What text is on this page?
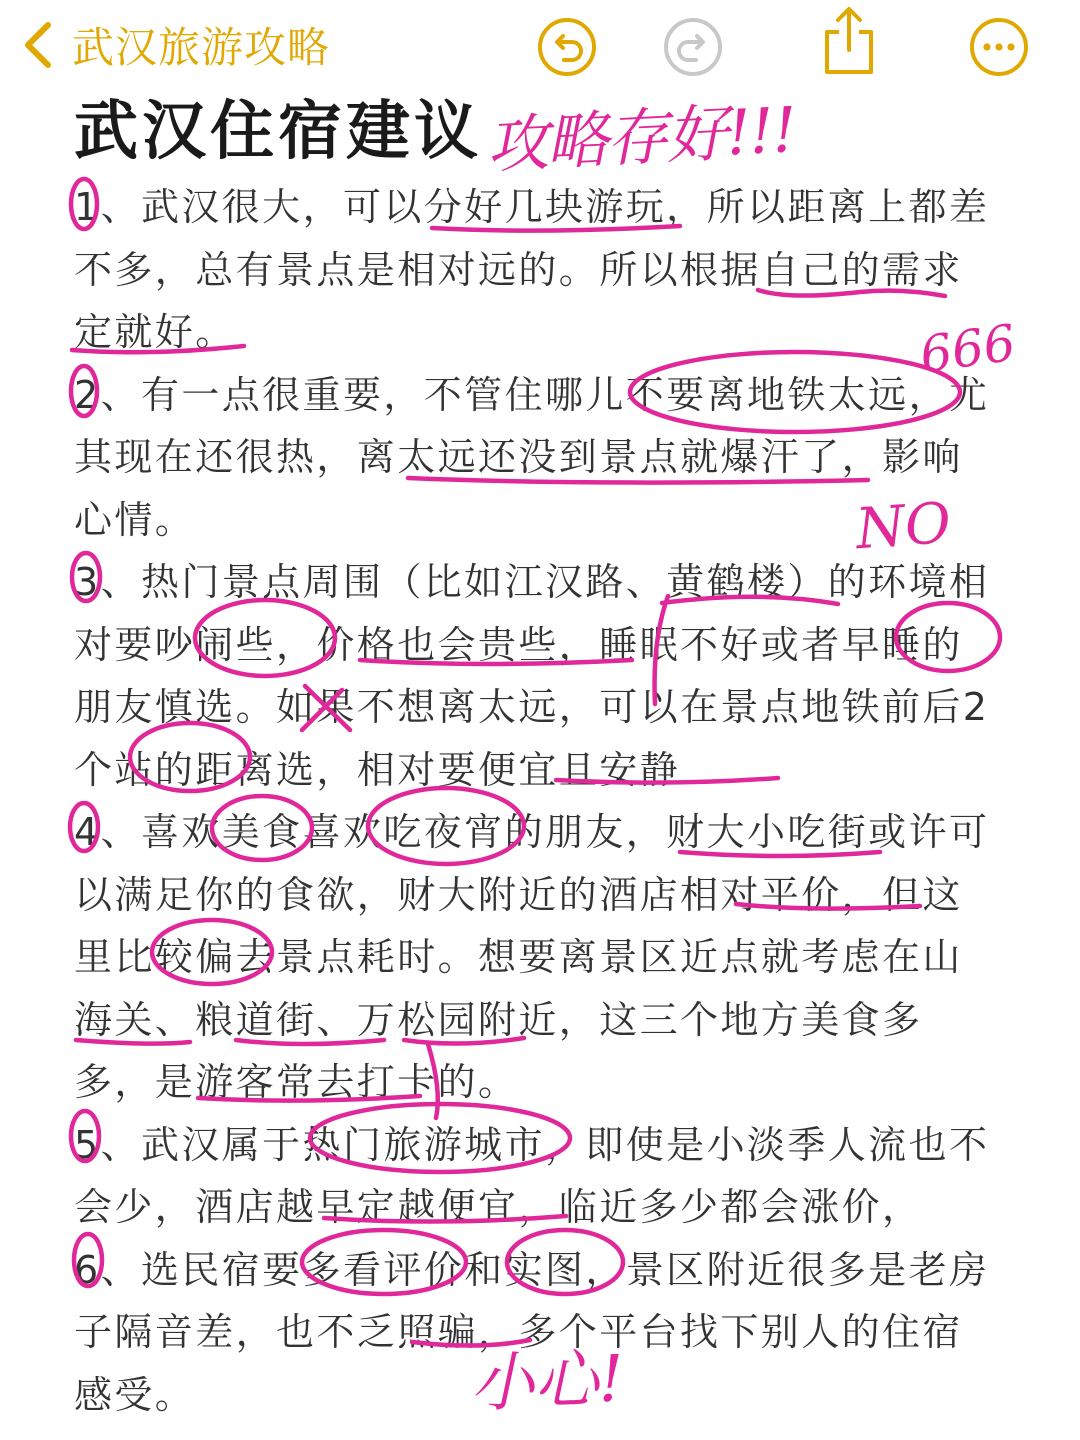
武汉旅游攻略
武汉住宿建议
1、武汉很大，可以分好几块游玩，所以距离上都差不多，总有景点是相对远的。所以根据自己的需求定就好。
2、有一点很重要，不管住哪儿不要离地铁太远，尤其现在还很热，离太远还没到景点就爆汗了，影响心情。
3、热门景点周围（比如江汉路、黄鹤楼）的环境相对要吵闹些，价格也会贵些，睡眠不好或者早睡的朋友慎选。如果不想离太远，可以在景点地铁前后2个站的距离选，相对要便宜且安静
4、喜欢美食喜欢吃夜宵的朋友，财大小吃街或许可以满足你的食欲，财大附近的酒店相对平价，但这里比较偏去景点耗时。想要离景区近点就考虑在山海关、粮道街、万松园附近，这三个地方美食多多，是游客常去打卡的。
5、武汉属于热门旅游城市，即使是小淡季人流也不会少，酒店越早定越便宜，临近多少都会涨价，
6、选民宿要多看评价和实图，景区附近很多是老房子隔音差，也不乏照骗，多个平台找下别人的住宿感受。
攻略存好!!!
666
NO
小心!
